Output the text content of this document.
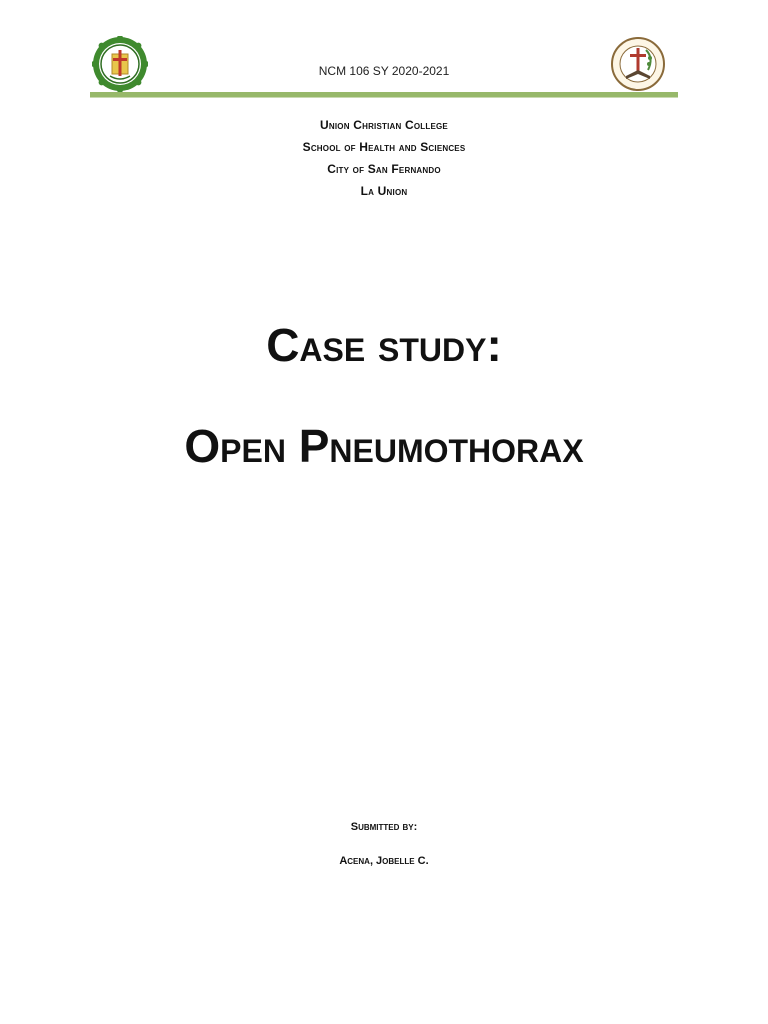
NCM 106 SY 2020-2021
Union Christian College
School of Health and Sciences
City of San Fernando
La Union
Case study:
Open Pneumothorax
Submitted by:
Acena, Jobelle C.
